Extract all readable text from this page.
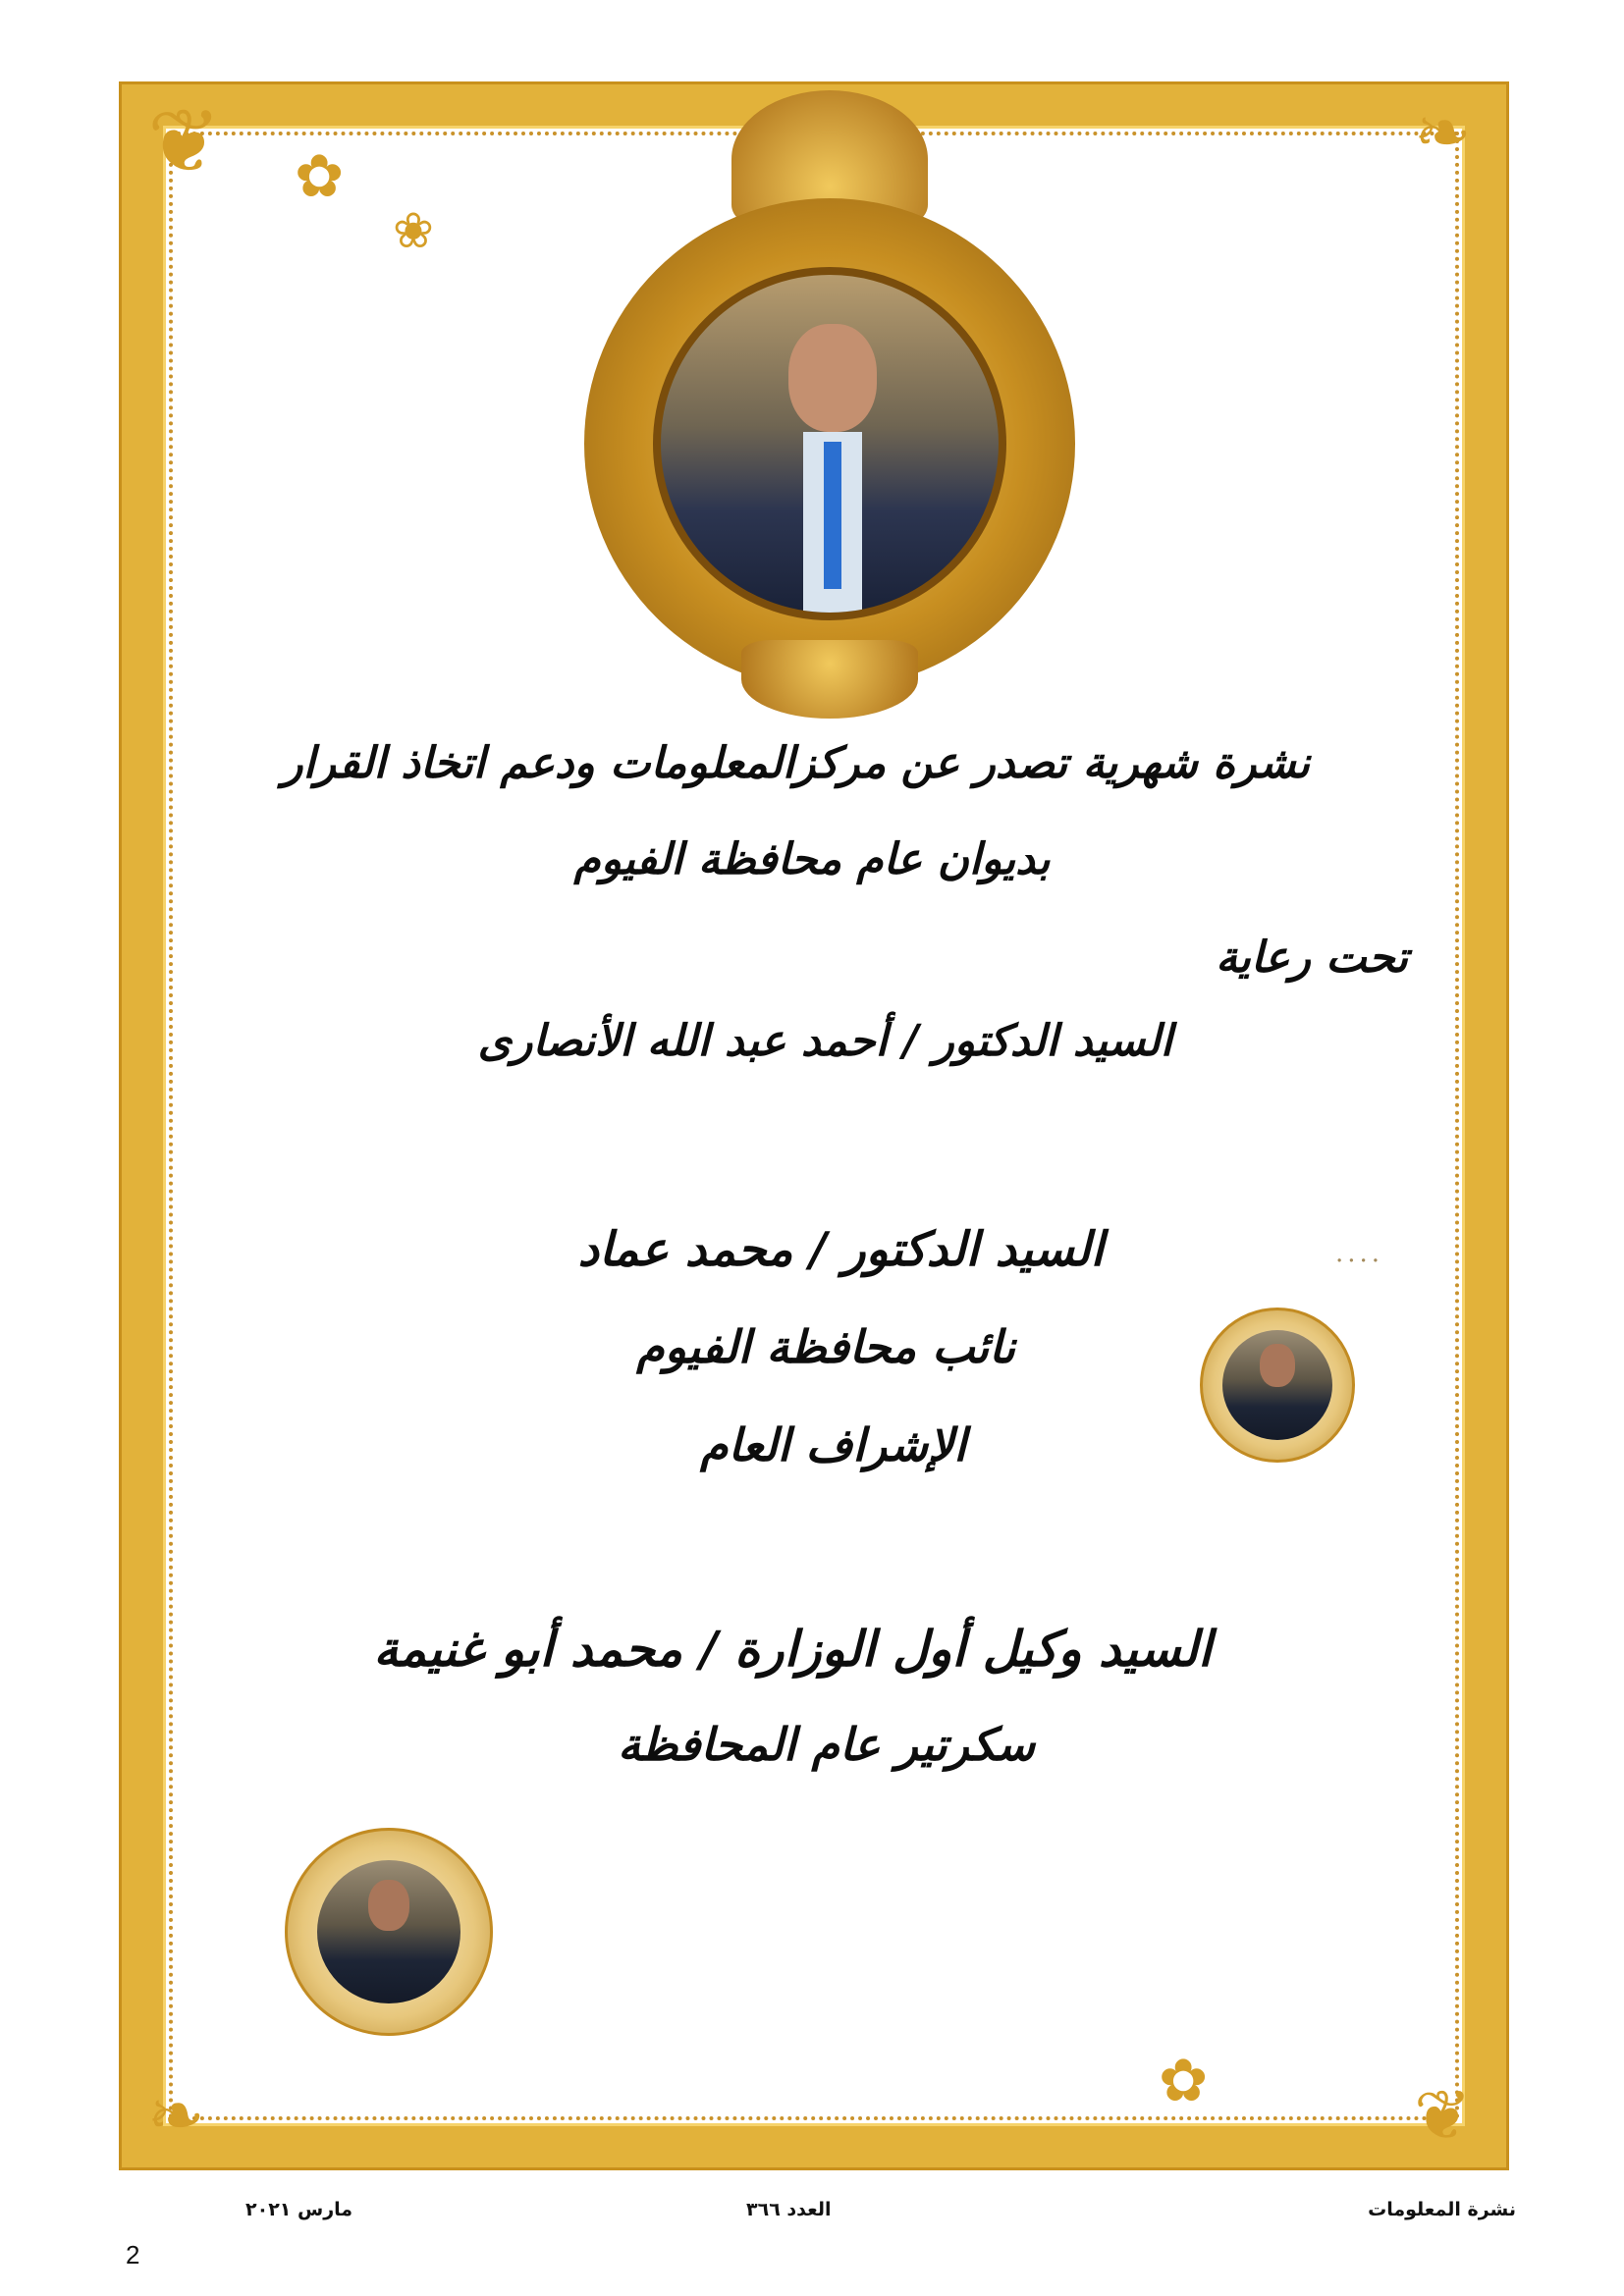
❦	❧
❧	❦
✿
❀
✿
نشرة شهرية تصدر عن مركزالمعلومات ودعم اتخاذ القرار
بديوان عام محافظة الفيوم
تحت رعاية
السيد الدكتور / أحمد عبد الله الأنصارى
....
السيد الدكتور / محمد عماد
نائب محافظة الفيوم
الإشراف العام
السيد وكيل أول الوزارة / محمد أبو غنيمة
سكرتير عام المحافظة
نشرة المعلومات
العدد ٣٦٦
مارس ٢٠٢١
2
